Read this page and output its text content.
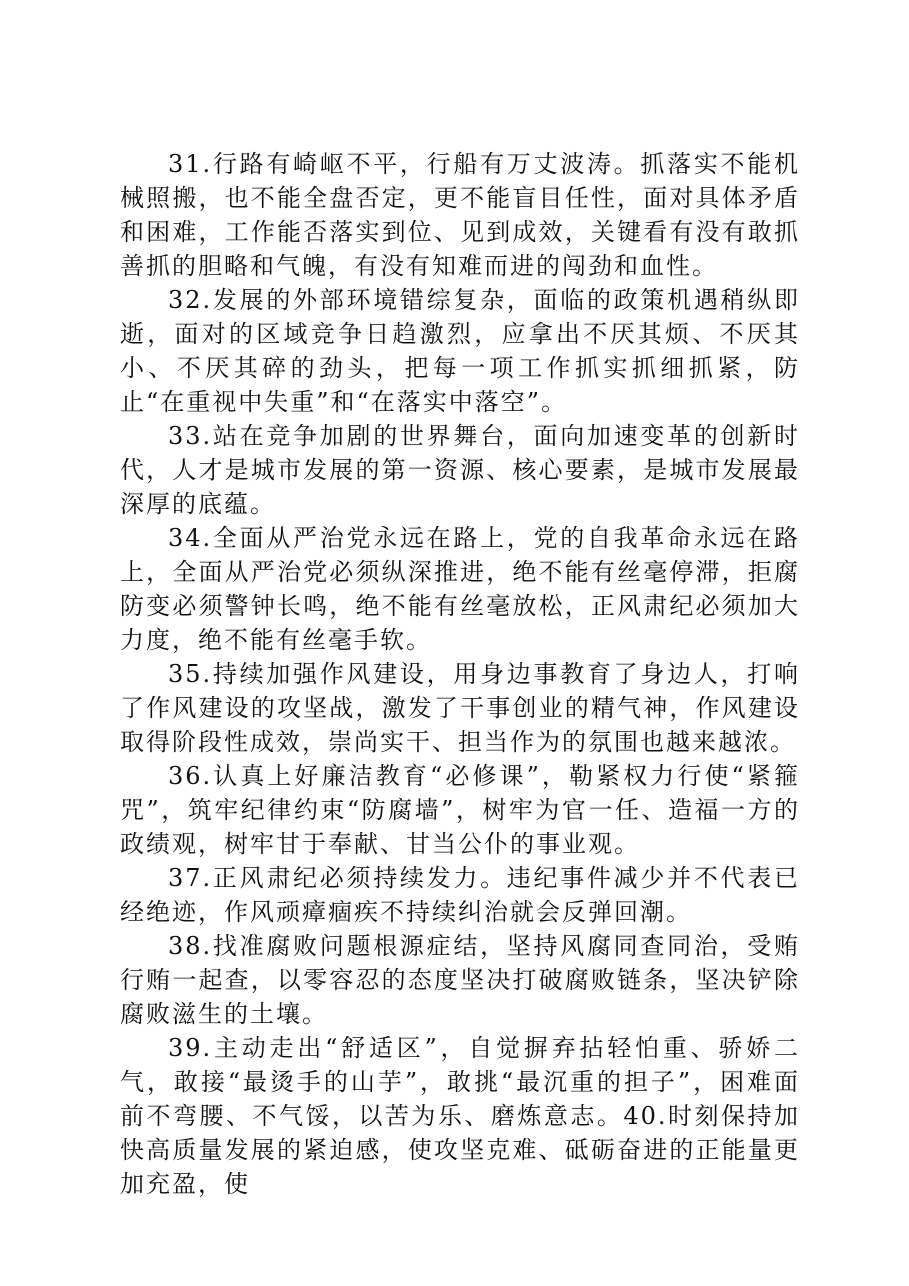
31.行路有崎岖不平，行船有万丈波涛。抓落实不能机械照搬，也不能全盘否定，更不能盲目任性，面对具体矛盾和困难，工作能否落实到位、见到成效，关键看有没有敢抓善抓的胆略和气魄，有没有知难而进的闯劲和血性。

32.发展的外部环境错综复杂，面临的政策机遇稍纵即逝，面对的区域竞争日趋激烈，应拿出不厌其烦、不厌其小、不厌其碎的劲头，把每一项工作抓实抓细抓紧，防止“在重视中失重”和“在落实中落空”。

33.站在竞争加剧的世界舞台，面向加速变革的创新时代，人才是城市发展的第一资源、核心要素，是城市发展最深厚的底蕴。

34.全面从严治党永远在路上，党的自我革命永远在路上，全面从严治党必须纵深推进，绝不能有丝毫停滞，拒腐防变必须警钟长鸣，绝不能有丝毫放松，正风肃纪必须加大力度，绝不能有丝毫手软。

35.持续加强作风建设，用身边事教育了身边人，打响了作风建设的攻坚战，激发了干事创业的精气神，作风建设取得阶段性成效，崇尚实干、担当作为的氛围也越来越浓。

36.认真上好廉洁教育“必修课”，勒紧权力行使“紧箍咒”，筑牢纪律约束“防腐墙”，树牢为官一任、造福一方的政绩观，树牢甘于奉献、甘当公仆的事业观。

37.正风肃纪必须持续发力。违纪事件减少并不代表已经绝迹，作风顽瘴痼疾不持续纠治就会反弹回潮。

38.找准腐败问题根源症结，坚持风腐同查同治，受贿行贿一起查，以零容忍的态度坚决打破腐败链条，坚决铲除腐败滋生的土壤。

39.主动走出“舒适区”，自觉摒弃拈轻怕重、骄娇二气，敢接“最烫手的山芋”，敢挑“最沉重的担子”，困难面前不弯腰、不气馁，以苦为乐、磨炼意志。40.时刻保持加快高质量发展的紧迫感，使攻坚克难、砥砺奋进的正能量更加充盈，使
